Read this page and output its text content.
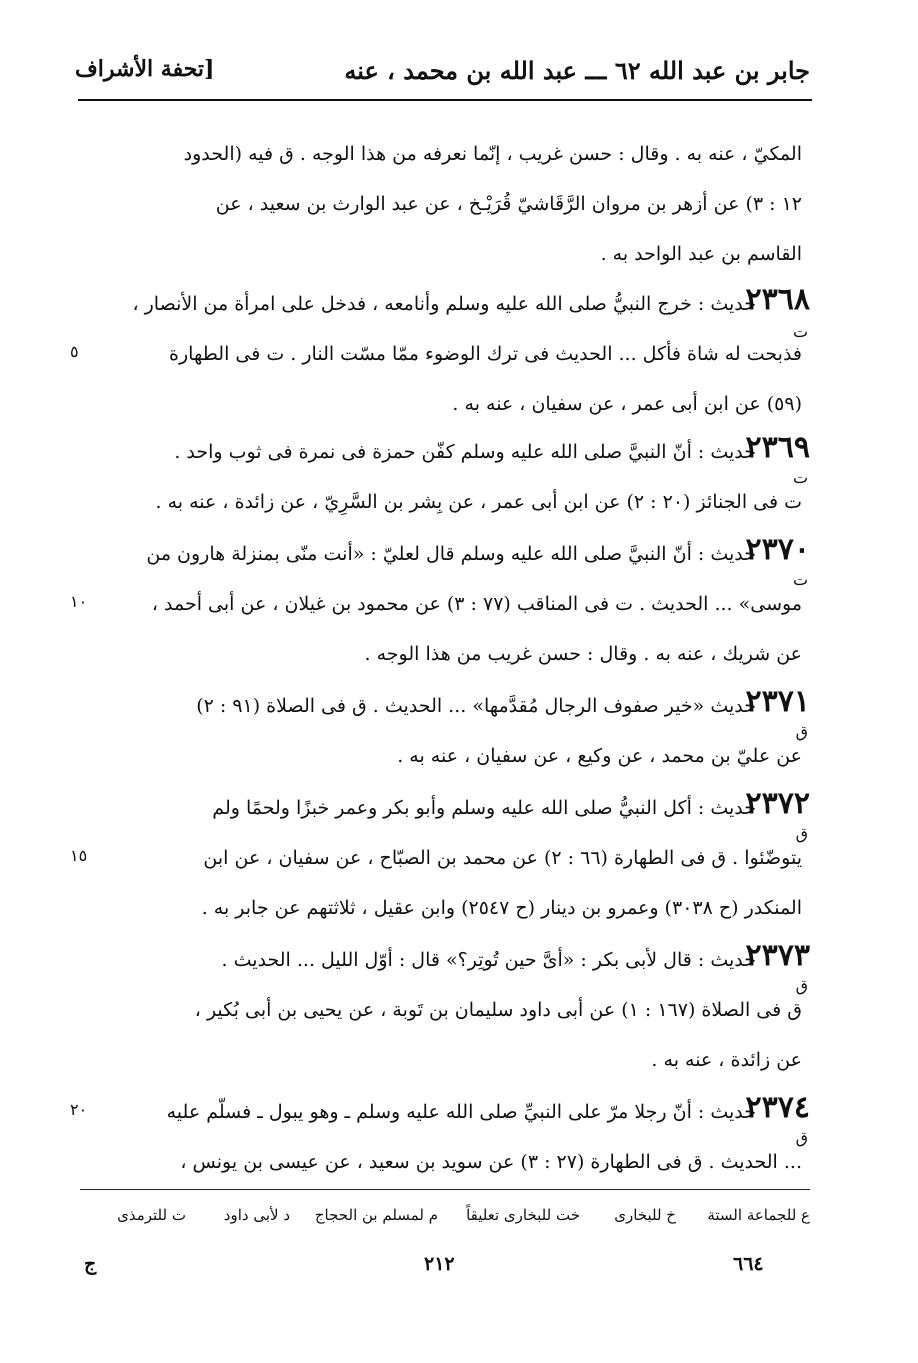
[تحفة الأشراف	جابر بن عبد الله ٦٢ ـــ عبد الله بن محمد ، عنه
المكيّ ، عنه به . وقال : حسن غريب ، إنّما نعرفه من هذا الوجه . ق فيه (الحدود
١٢ : ٣) عن أزهر بن مروان الرَّقَاشيّ قُرَيْـخ ، عن عبد الوارث بن سعيد ، عن
القاسم بن عبد الواحد به .
٢٣٦٨
ت
حديث : خرج النبيُّ صلى الله عليه وسلم وأنامعه ، فدخل على امرأة من الأنصار ،
فذبحت له شاة فأكل ... الحديث فى ترك الوضوء ممّا مسّت النار . ت فى الطهارة
٥
(٥٩) عن ابن أبى عمر ، عن سفيان ، عنه به .
٢٣٦٩
ت
حديث : أنّ النبيَّ صلى الله عليه وسلم كفّن حمزة فى نمرة فى ثوب واحد .
ت فى الجنائز (٢٠ : ٢) عن ابن أبى عمر ، عن بِشر بن السَّرِيّ ، عن زائدة ، عنه به .
٢٣٧٠
ت
حديث : أنّ النبيَّ صلى الله عليه وسلم قال لعليّ : «أنت منّى بمنزلة هارون من
موسى» ... الحديث . ت فى المناقب (٧٧ : ٣) عن محمود بن غيلان ، عن أبى أحمد ،
١٠
عن شريك ، عنه به . وقال : حسن غريب من هذا الوجه .
٢٣٧١
ق
حديث «خير صفوف الرجال مُقدَّمها» ... الحديث . ق فى الصلاة (٩١ : ٢)
عن عليّ بن محمد ، عن وكيع ، عن سفيان ، عنه به .
٢٣٧٢
ق
حديث : أكل النبيُّ صلى الله عليه وسلم وأبو بكر وعمر خبزًا ولحمًا ولم
يتوضّئوا . ق فى الطهارة (٦٦ : ٢) عن محمد بن الصبّاح ، عن سفيان ، عن ابن
١٥
المنكدر (ح ٣٠٣٨) وعمرو بن دينار (ح ٢٥٤٧) وابن عقيل ، ثلاثتهم عن جابر به .
٢٣٧٣
ق
حديث : قال لأبى بكر : «أىَّ حين تُوتِر؟» قال : أوّل الليل ... الحديث .
ق فى الصلاة (١٦٧ : ١) عن أبى داود سليمان بن تَوبة ، عن يحيى بن أبى بُكير ،
عن زائدة ، عنه به .
٢٣٧٤
ق
حديث : أنّ رجلا مرّ على النبيِّ صلى الله عليه وسلم ـ وهو يبول ـ فسلّم عليه
٢٠
... الحديث . ق فى الطهارة (٢٧ : ٣) عن سويد بن سعيد ، عن عيسى بن يونس ،
ع للجماعة الستة
خ للبخارى
خت للبخارى تعليقاً
م لمسلم بن الحجاج
د لأبى داود
ت للترمذى
ج	٢١٢	٦٦٤
